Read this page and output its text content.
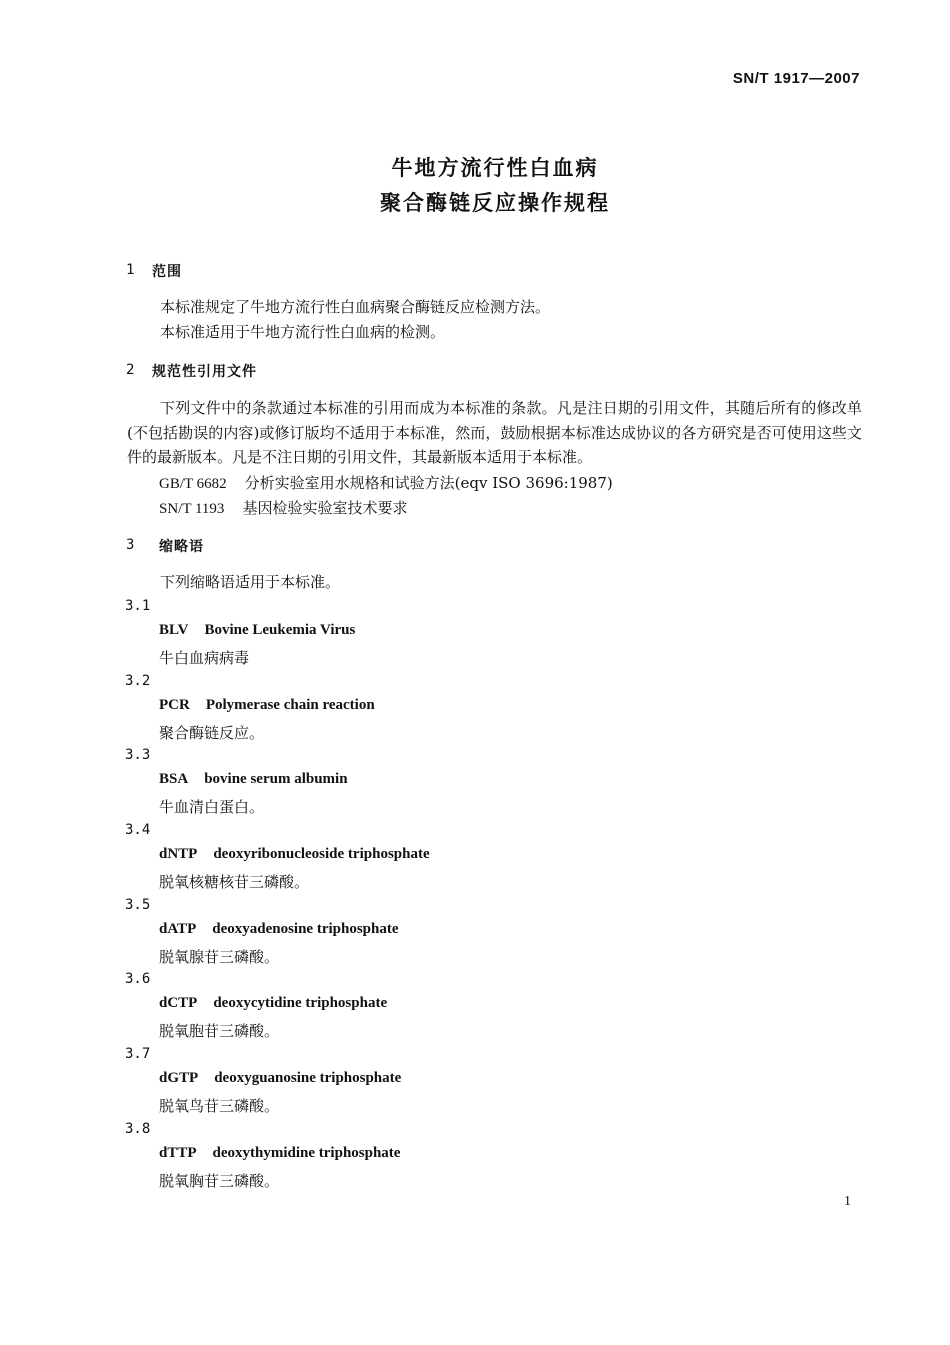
SN/T 1917—2007
牛地方流行性白血病
聚合酶链反应操作规程
1 范围
本标准规定了牛地方流行性白血病聚合酶链反应检测方法。
本标准适用于牛地方流行性白血病的检测。
2 规范性引用文件
下列文件中的条款通过本标准的引用而成为本标准的条款。凡是注日期的引用文件，其随后所有的修改单(不包括勘误的内容)或修订版均不适用于本标准，然而，鼓励根据本标准达成协议的各方研究是否可使用这些文件的最新版本。凡是不注日期的引用文件，其最新版本适用于本标准。
GB/T 6682 分析实验室用水规格和试验方法(eqv ISO 3696:1987)
SN/T 1193 基因检验实验室技术要求
3 缩略语
下列缩略语适用于本标准。
3.1
BLV Bovine Leukemia Virus
牛白血病病毒
3.2
PCR Polymerase chain reaction
聚合酶链反应。
3.3
BSA bovine serum albumin
牛血清白蛋白。
3.4
dNTP deoxyribonucleoside triphosphate
脱氧核糖核苷三磷酸。
3.5
dATP deoxyadenosine triphosphate
脱氧腺苷三磷酸。
3.6
dCTP deoxycytidine triphosphate
脱氧胞苷三磷酸。
3.7
dGTP deoxyguanosine triphosphate
脱氧鸟苷三磷酸。
3.8
dTTP deoxythymidine triphosphate
脱氧胸苷三磷酸。
1
